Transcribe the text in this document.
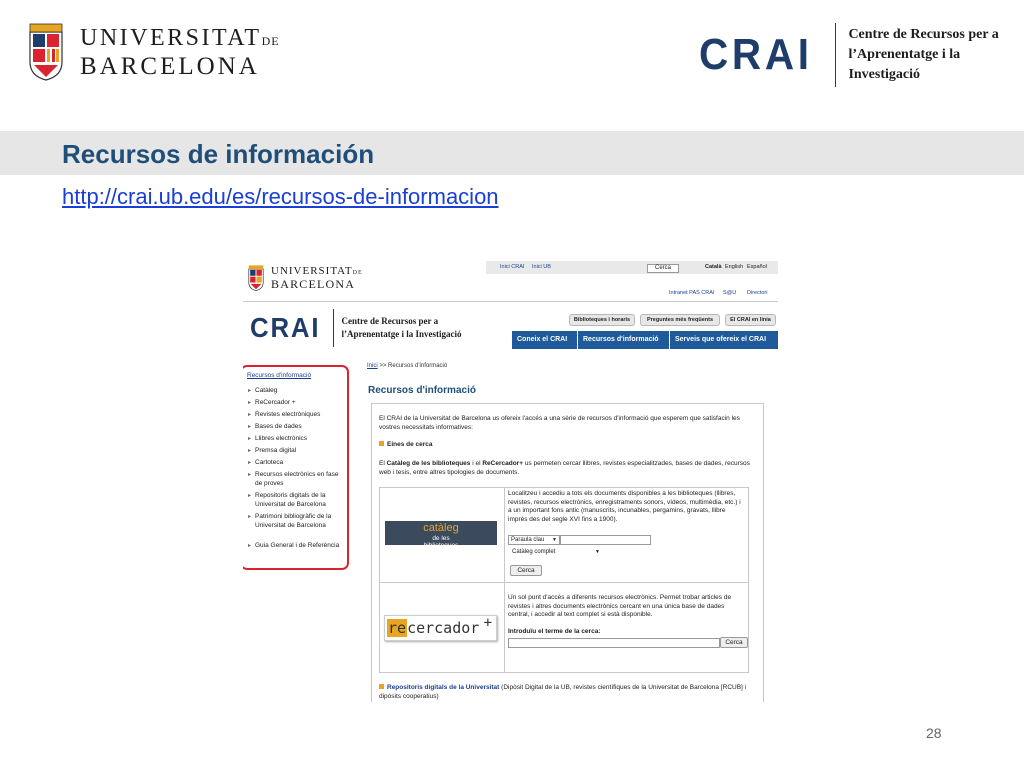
UNIVERSITATDE
BARCELONA	CRAI	Centre de Recursos per a
l’Aprenentatge i la Investigació
Recursos de información
http://crai.ub.edu/es/recursos-de-informacion
UNIVERSITATDE
BARCELONA
Inici CRAI Inici UB	Cerca	Català English Español
Intranet PAS CRAI S@U Directori
CRAI Centre de Recursos per a
l’Aprenentatge i la Investigació
Biblioteques i horaris	Preguntes més freqüents	El CRAI en línia
Coneix el CRAI	Recursos d'informació	Serveis que ofereix el CRAI
Recursos d'informació
▸ Catàleg
▸ ReCercador +
▸ Revistes electròniques
▸ Bases de dades
▸ Llibres electrònics
▸ Premsa digital
▸ Cartoteca
▸ Recursos electrònics en fase de proves
▸ Repositoris digitals de la Universitat de Barcelona
▸ Patrimoni bibliogràfic de la Universitat de Barcelona
▸ Guia General i de Referència
Inici >> Recursos d'informació
Recursos d'informació
El CRAI de la Universitat de Barcelona us ofereix l'accés a una sèrie de recursos d'informació que esperem que satisfacin les vostres necessitats informatives:
Eines de cerca
El Catàleg de les biblioteques i el ReCercador+ us permeten cercar llibres, revistes especialitzades, bases de dades, recursos web i tesis, entre altres tipologies de documents.
catàleg
de les
biblioteques
Localitzeu i accediu a tots els documents disponibles a les biblioteques (llibres, revistes, recursos electrònics, enregistraments sonors, vídeos, multimèdia, etc.) i a un important fons antic (manuscrits, incunables, pergamins, gravats, llibre imprès des del segle XVI fins a 1900).
Paraula clau ▼
Catàleg complet	▼
Cerca
recercador +
Un sol punt d'accés a diferents recursos electrònics. Permet trobar articles de revistes i altres documents electrònics cercant en una única base de dades central, i accedir al text complet si està disponible.
Introduïu el terme de la cerca:
Cerca
Repositoris digitals de la Universitat (Dipòsit Digital de la UB, revistes científiques de la Universitat de Barcelona [RCUB] i dipòsits cooperatius)
28
